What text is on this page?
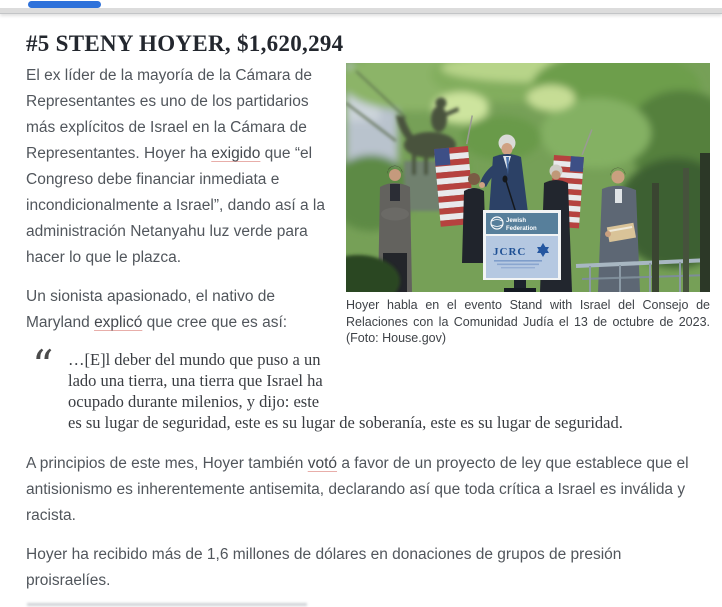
#5 STENY HOYER, $1,620,294
Jewish
Federation
JCRC
Hoyer habla en el evento Stand with Israel del Consejo de Relaciones con la Comunidad Judía el 13 de octubre de 2023. (Foto: House.gov)

El ex líder de la mayoría de la Cámara de Representantes es uno de los partidarios más explícitos de Israel en la Cámara de Representantes. Hoyer ha exigido que “el Congreso debe financiar inmediata e incondicionalmente a Israel”, dando así a la administración Netanyahu luz verde para hacer lo que le plazca.

Un sionista apasionado, el nativo de Maryland explicó que cree que es así:

“ …[E]l deber del mundo que puso a un lado una tierra, una tierra que Israel ha ocupado durante milenios, y dijo: este es su lugar de seguridad, este es su lugar de soberanía, este es su lugar de seguridad.

A principios de este mes, Hoyer también votó a favor de un proyecto de ley que establece que el antisionismo es inherentemente antisemita, declarando así que toda crítica a Israel es inválida y racista.

Hoyer ha recibido más de 1,6 millones de dólares en donaciones de grupos de presión proisraelíes.
